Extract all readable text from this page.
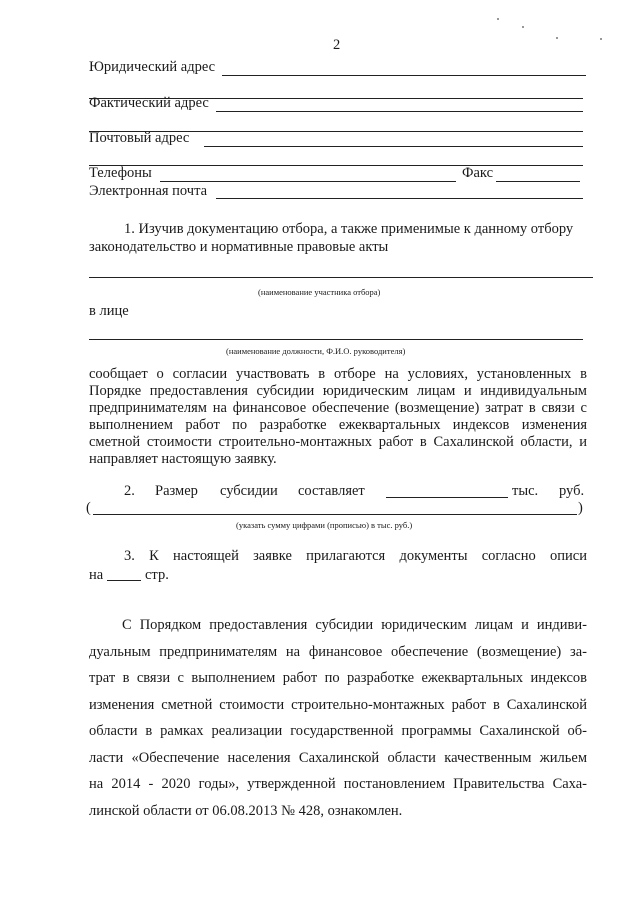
2
Юридический адрес
Фактический адрес
Почтовый адрес
Телефоны	Факс
Электронная почта
1. Изучив документацию отбора, а также применимые к данному отбору
законодательство и нормативные правовые акты
(наименование участника отбора)
в лице
(наименование должности, Ф.И.О. руководителя)
сообщает о согласии участвовать в отборе на условиях, установленных в
Порядке предоставления субсидии юридическим лицам и индивидуальным
предпринимателям на финансовое обеспечение (возмещение) затрат в связи с
выполнением работ по разработке ежеквартальных индексов изменения
сметной стоимости строительно-монтажных работ в Сахалинской области, и
направляет настоящую заявку.
2. Размер субсидии составляет	тыс. руб.
(	)
(указать сумму цифрами (прописью) в тыс. руб.)
3. К настоящей заявке прилагаются документы согласно описи
на	стр.
С Порядком предоставления субсидии юридическим лицам и индиви-
дуальным предпринимателям на финансовое обеспечение (возмещение) за-
трат в связи с выполнением работ по разработке ежеквартальных индексов
изменения сметной стоимости строительно-монтажных работ в Сахалинской
области в рамках реализации государственной программы Сахалинской об-
ласти «Обеспечение населения Сахалинской области качественным жильем
на 2014 - 2020 годы», утвержденной постановлением Правительства Саха-
линской области от 06.08.2013 № 428, ознакомлен.
